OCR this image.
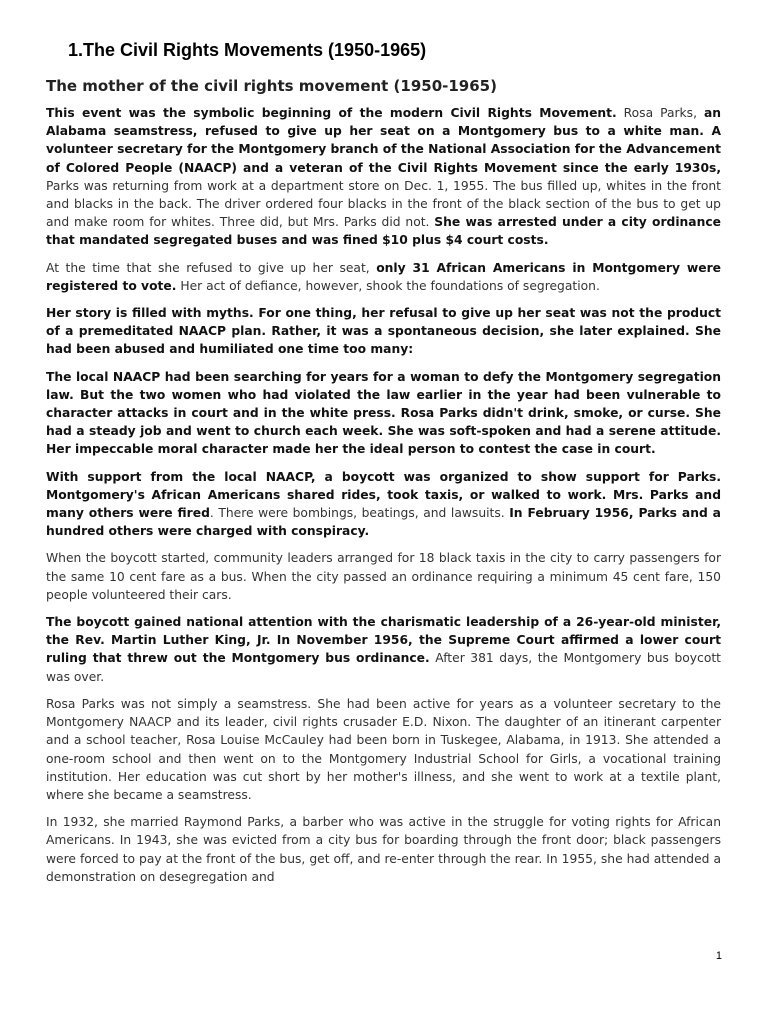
1.The Civil Rights Movements (1950-1965)
The mother of the civil rights movement (1950-1965)

This event was the symbolic beginning of the modern Civil Rights Movement. Rosa Parks, an Alabama seamstress, refused to give up her seat on a Montgomery bus to a white man. A volunteer secretary for the Montgomery branch of the National Association for the Advancement of Colored People (NAACP) and a veteran of the Civil Rights Movement since the early 1930s, Parks was returning from work at a department store on Dec. 1, 1955. The bus filled up, whites in the front and blacks in the back. The driver ordered four blacks in the front of the black section of the bus to get up and make room for whites. Three did, but Mrs. Parks did not. She was arrested under a city ordinance that mandated segregated buses and was fined $10 plus $4 court costs.

At the time that she refused to give up her seat, only 31 African Americans in Montgomery were registered to vote. Her act of defiance, however, shook the foundations of segregation.

Her story is filled with myths. For one thing, her refusal to give up her seat was not the product of a premeditated NAACP plan. Rather, it was a spontaneous decision, she later explained. She had been abused and humiliated one time too many:

The local NAACP had been searching for years for a woman to defy the Montgomery segregation law. But the two women who had violated the law earlier in the year had been vulnerable to character attacks in court and in the white press. Rosa Parks didn't drink, smoke, or curse. She had a steady job and went to church each week. She was soft-spoken and had a serene attitude. Her impeccable moral character made her the ideal person to contest the case in court.

With support from the local NAACP, a boycott was organized to show support for Parks. Montgomery's African Americans shared rides, took taxis, or walked to work. Mrs. Parks and many others were fired. There were bombings, beatings, and lawsuits. In February 1956, Parks and a hundred others were charged with conspiracy.

When the boycott started, community leaders arranged for 18 black taxis in the city to carry passengers for the same 10 cent fare as a bus. When the city passed an ordinance requiring a minimum 45 cent fare, 150 people volunteered their cars.

The boycott gained national attention with the charismatic leadership of a 26-year-old minister, the Rev. Martin Luther King, Jr. In November 1956, the Supreme Court affirmed a lower court ruling that threw out the Montgomery bus ordinance. After 381 days, the Montgomery bus boycott was over.

Rosa Parks was not simply a seamstress. She had been active for years as a volunteer secretary to the Montgomery NAACP and its leader, civil rights crusader E.D. Nixon. The daughter of an itinerant carpenter and a school teacher, Rosa Louise McCauley had been born in Tuskegee, Alabama, in 1913. She attended a one-room school and then went on to the Montgomery Industrial School for Girls, a vocational training institution. Her education was cut short by her mother's illness, and she went to work at a textile plant, where she became a seamstress.

In 1932, she married Raymond Parks, a barber who was active in the struggle for voting rights for African Americans. In 1943, she was evicted from a city bus for boarding through the front door; black passengers were forced to pay at the front of the bus, get off, and re-enter through the rear. In 1955, she had attended a demonstration on desegregation and

1
